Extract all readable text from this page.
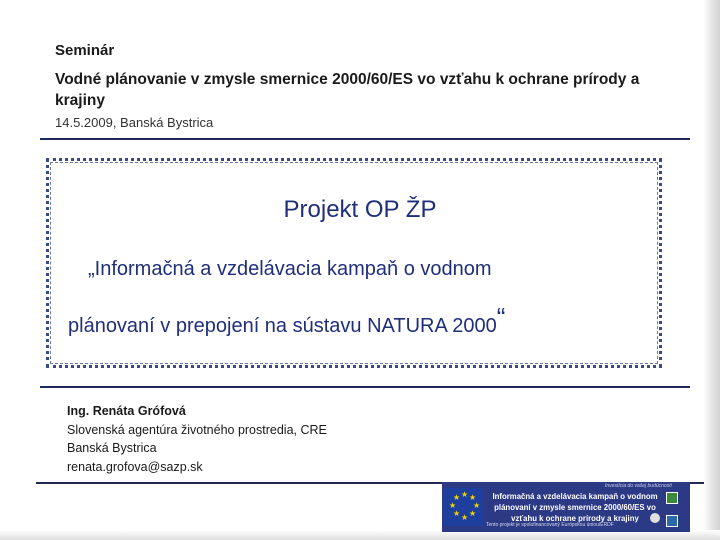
Seminár
Vodné plánovanie v zmysle smernice 2000/60/ES vo vzťahu k ochrane prírody a krajiny
14.5.2009, Banská Bystrica
Projekt OP ŽP
„Informačná a vzdelávacia kampaň o vodnom
plánovaní v prepojení na sústavu NATURA 2000“
Ing. Renáta Grófová
Slovenská agentúra životného prostredia, CRE
Banská Bystrica
renata.grofova@sazp.sk
★ ★
★
★
★
★
★
★
Investícia do vašej budúcnosti
Informačná a vzdelávacia kampaň o vodnom plánovaní v zmysle smernice 2000/60/ES vo vzťahu k ochrane prírody a krajiny
Tento projekt je spolufinancovaný Európskou úniou/ERDF
